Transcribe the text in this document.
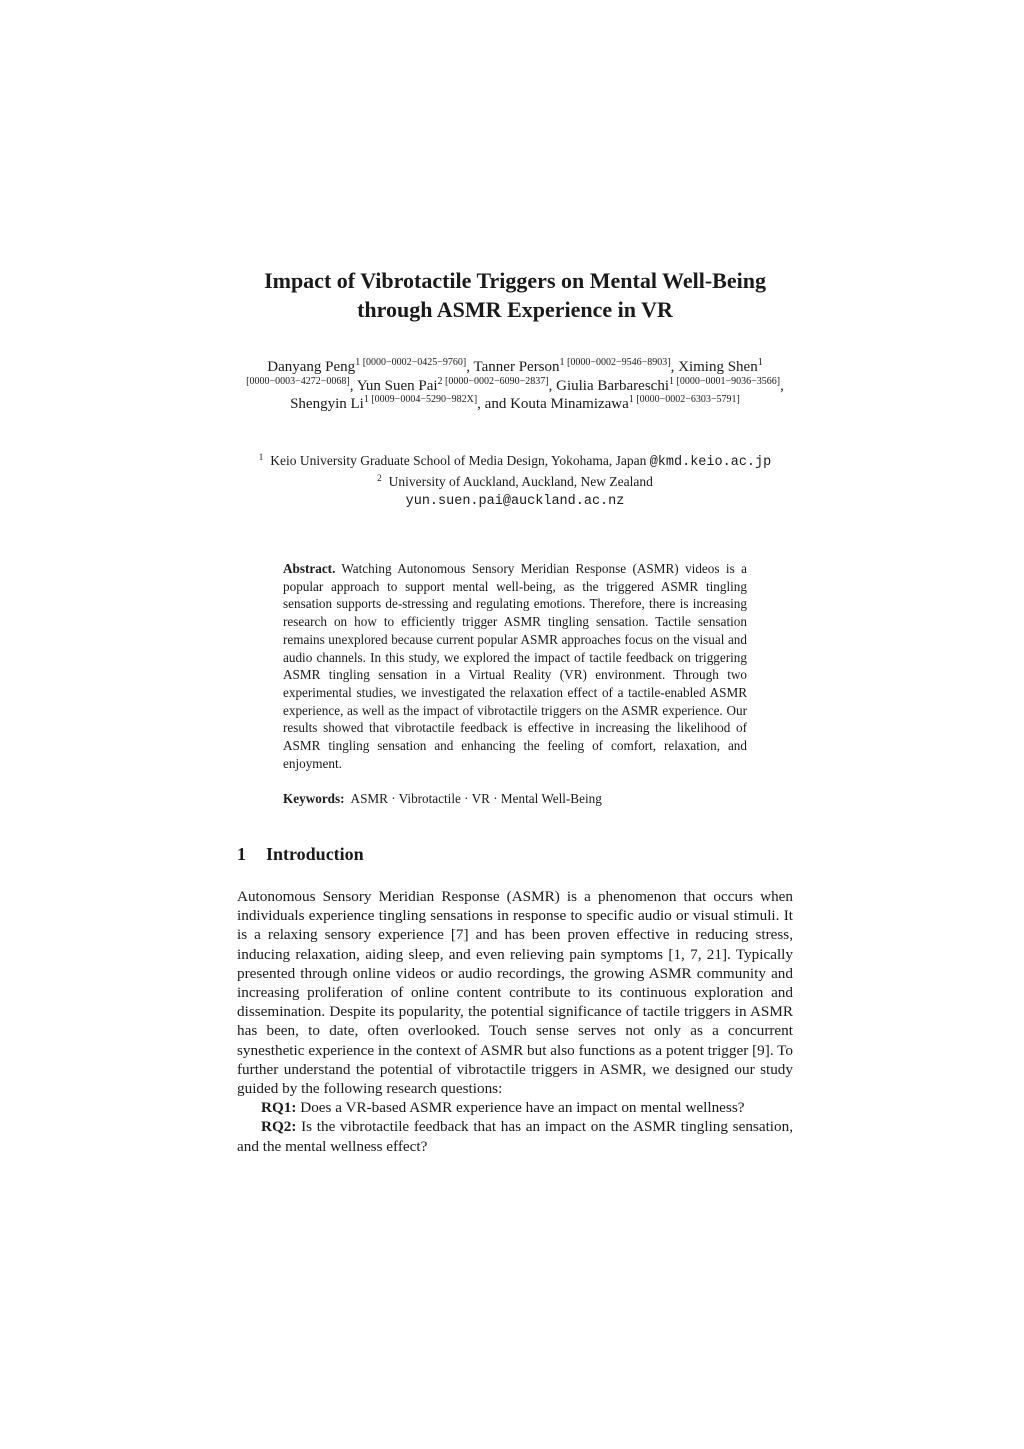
Impact of Vibrotactile Triggers on Mental Well-Being
through ASMR Experience in VR
Danyang Peng$^{1 [0000-0002-0425-9760]}$, Tanner Person$^{1 [0000-0002-9546-8903]}$, Ximing Shen$^{1 [0000-0003-4272-0068]}$, Yun Suen Pai$^{2 [0000-0002-6090-2837]}$, Giulia Barbareschi$^{1 [0000-0001-9036-3566]}$, Shengyin $Li^{1 [0009-0004-5290-982X]}$, and Kouta Minamizawa$^{1 [0000-0002-6303-5791]}$
$^1$ Keio University Graduate School of Media Design, Yokohama, Japan @kmd.keio.ac.jp
$^2$ University of Auckland, Auckland, New Zealand
yun.suen.pai@auckland.ac.nz

Abstract. Watching Autonomous Sensory Meridian Response (ASMR) videos is a popular approach to support mental well-being, as the triggered ASMR tingling sensation supports de-stressing and regulating emotions. Therefore, there is increasing research on how to efficiently trigger ASMR tingling sensation. Tactile sensation remains unexplored because current popular ASMR approaches focus on the visual and audio channels. In this study, we explored the impact of tactile feedback on triggering ASMR tingling sensation in a Virtual Reality (VR) environment. Through two experimental studies, we investigated the relaxation effect of a tactile-enabled ASMR experience, as well as the impact of vibrotactile triggers on the ASMR experience. Our results showed that vibrotactile feedback is effective in increasing the likelihood of ASMR tingling sensation and enhancing the feeling of comfort, relaxation, and enjoyment.

Keywords: ASMR · Vibrotactile · VR · Mental Well-Being

1 Introduction

Autonomous Sensory Meridian Response (ASMR) is a phenomenon that occurs when individuals experience tingling sensations in response to specific audio or visual stimuli. It is a relaxing sensory experience [7] and has been proven effective in reducing stress, inducing relaxation, aiding sleep, and even relieving pain symptoms [1, 7, 21]. Typically presented through online videos or audio recordings, the growing ASMR community and increasing proliferation of online content contribute to its continuous exploration and dissemination. Despite its popularity, the potential significance of tactile triggers in ASMR has been, to date, often overlooked. Touch sense serves not only as a concurrent synesthetic experience in the context of ASMR but also functions as a potent trigger [9]. To further understand the potential of vibrotactile triggers in ASMR, we designed our study guided by the following research questions:

RQ1: Does a VR-based ASMR experience have an impact on mental wellness?

RQ2: Is the vibrotactile feedback that has an impact on the ASMR tingling sensation, and the mental wellness effect?
